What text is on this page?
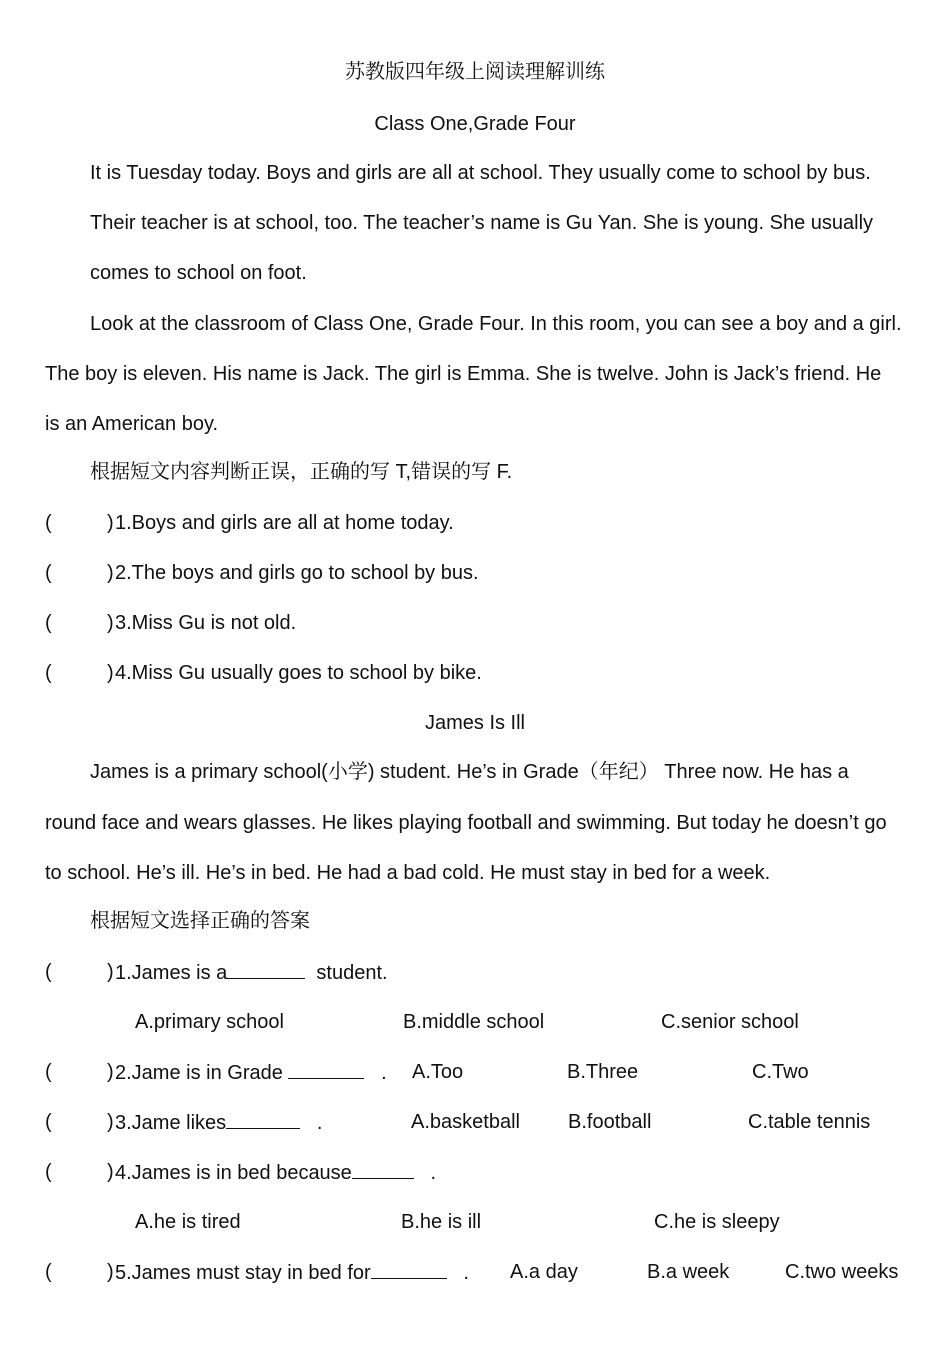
苏教版四年级上阅读理解训练
Class One,Grade Four
It is Tuesday today. Boys and girls are all at school. They usually come to school by bus.
Their teacher is at school, too. The teacher’s name is Gu Yan. She is young. She usually
comes to school on foot.
Look at the classroom of Class One, Grade Four. In this room, you can see a boy and a girl.
The boy is eleven. His name is Jack. The girl is Emma. She is twelve. John is Jack’s friend. He
is an American boy.
根据短文内容判断正误，正确的写 T,错误的写 F.
(	) 1.Boys and girls are all at home today.
(	) 2.The boys and girls go to school by bus.
(	) 3.Miss Gu is not old.
(	) 4.Miss Gu usually goes to school by bike.
James Is Ill
James is a primary school(小学) student. He’s in Grade（年纪） Three now. He has a
round face and wears glasses. He likes playing football and swimming. But today he doesn’t go
to school. He’s ill. He’s in bed. He had a bad cold. He must stay in bed for a week.
根据短文选择正确的答案
(	) 1.James is a	student.
A.primary school	B.middle school	C.senior school
(	) 2.Jame is in Grade	. A.Too	B.Three	C.Two
(	) 3.Jame likes	.	A.basketball B.football	C.table tennis
(	) 4.James is in bed because	.
A.he is tired	B.he is ill	C.he is sleepy
(	) 5.James must stay in bed for	. A.a day	B.a week	C.two weeks
